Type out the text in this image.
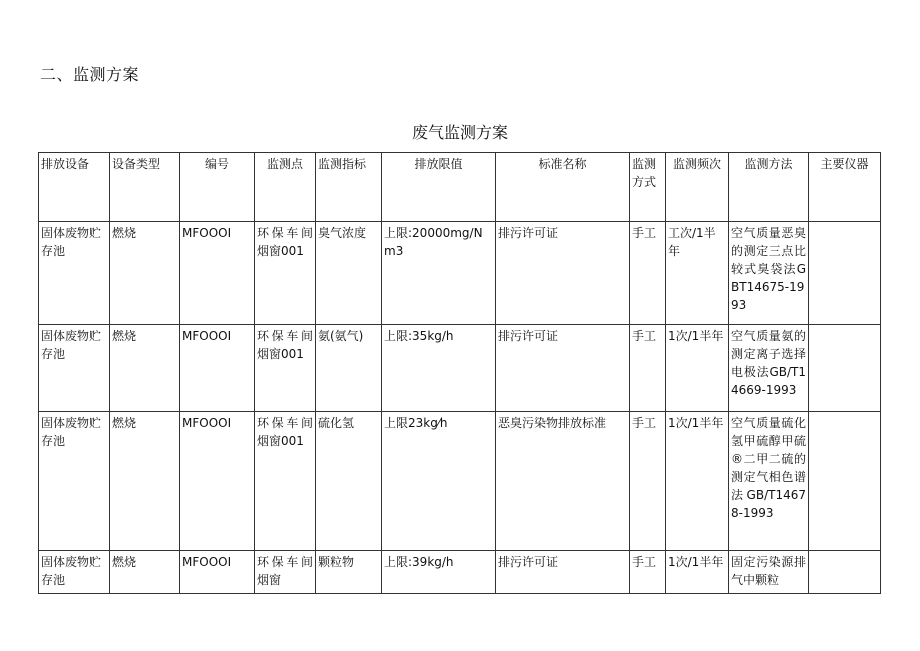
二、监测方案
废气监测方案
排放设备	设备类型	编号	监测点	监测指标	排放限值	标准名称	监测方式	监测频次	监测方法	主要仪器
固体废物贮存池	燃烧	MFOOOI	环保车间烟窗001	臭气浓度	上限:20000mg/Nm3	排污许可证	手工	工次/1半年	空气质量恶臭的测定三点比较式臭袋法GBT14675-1993	
固体废物贮存池	燃烧	MFOOOI	环保车间烟窗001	氨(氨气)	上限:35kg/h	排污许可证	手工	1次/1半年	空气质量氨的测定离子选择电极法GB/T14669-1993	
固体废物贮存池	燃烧	MFOOOI	环保车间烟窗001	硫化氢	上限23kg⁄h	恶臭污染物排放标准	手工	1次/1半年	空气质量硫化氢甲硫醇甲硫®二甲二硫的测定气相色谱法GB/T14678-1993	
固体废物贮存池	燃烧	MFOOOI	环保车间烟窗	颗粒物	上限:39kg/h	排污许可证	手工	1次/1半年	固定污染源排气中颗粒	
